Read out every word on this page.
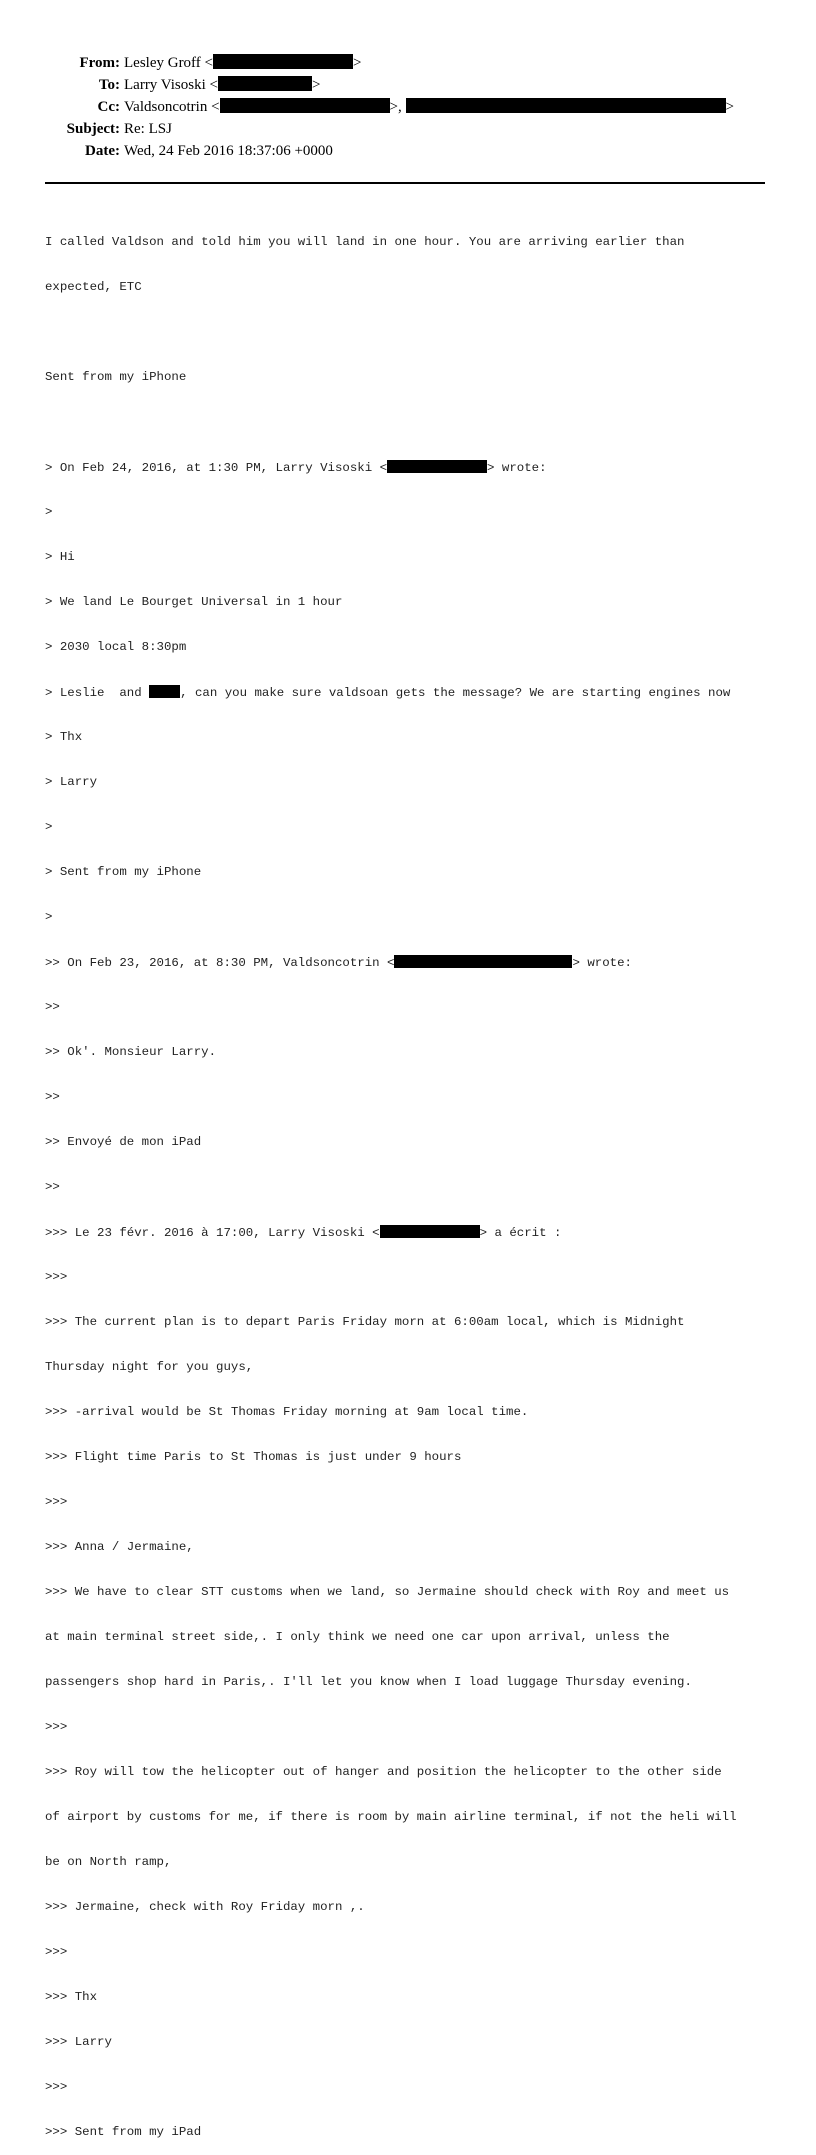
From: Lesley Groff <	>
To: Larry Visoski <	>
Cc: Valdsoncotrin <	>,	>
Subject: Re: LSJ
Date: Wed, 24 Feb 2016 18:37:06 +0000

I called Valdson and told him you will land in one hour. You are arriving earlier than

expected, ETC

Sent from my iPhone

> On Feb 24, 2016, at 1:30 PM, Larry Visoski <	> wrote:

>

> Hi

> We land Le Bourget Universal in 1 hour

> 2030 local 8:30pm

> Leslie  and	, can you make sure valdsoan gets the message? We are starting engines now

> Thx

> Larry

>

> Sent from my iPhone

>

>> On Feb 23, 2016, at 8:30 PM, Valdsoncotrin <	> wrote:

>>

>> Ok'. Monsieur Larry.

>>

>> Envoyé de mon iPad

>>

>>> Le 23 févr. 2016 à 17:00, Larry Visoski <	> a écrit :

>>>

>>> The current plan is to depart Paris Friday morn at 6:00am local, which is Midnight

Thursday night for you guys,

>>> -arrival would be St Thomas Friday morning at 9am local time.

>>> Flight time Paris to St Thomas is just under 9 hours

>>>

>>> Anna / Jermaine,

>>> We have to clear STT customs when we land, so Jermaine should check with Roy and meet us

at main terminal street side,. I only think we need one car upon arrival, unless the

passengers shop hard in Paris,. I'll let you know when I load luggage Thursday evening.

>>>

>>> Roy will tow the helicopter out of hanger and position the helicopter to the other side

of airport by customs for me, if there is room by main airline terminal, if not the heli will

be on North ramp,

>>> Jermaine, check with Roy Friday morn ,.

>>>

>>> Thx

>>> Larry

>>>

>>> Sent from my iPad
